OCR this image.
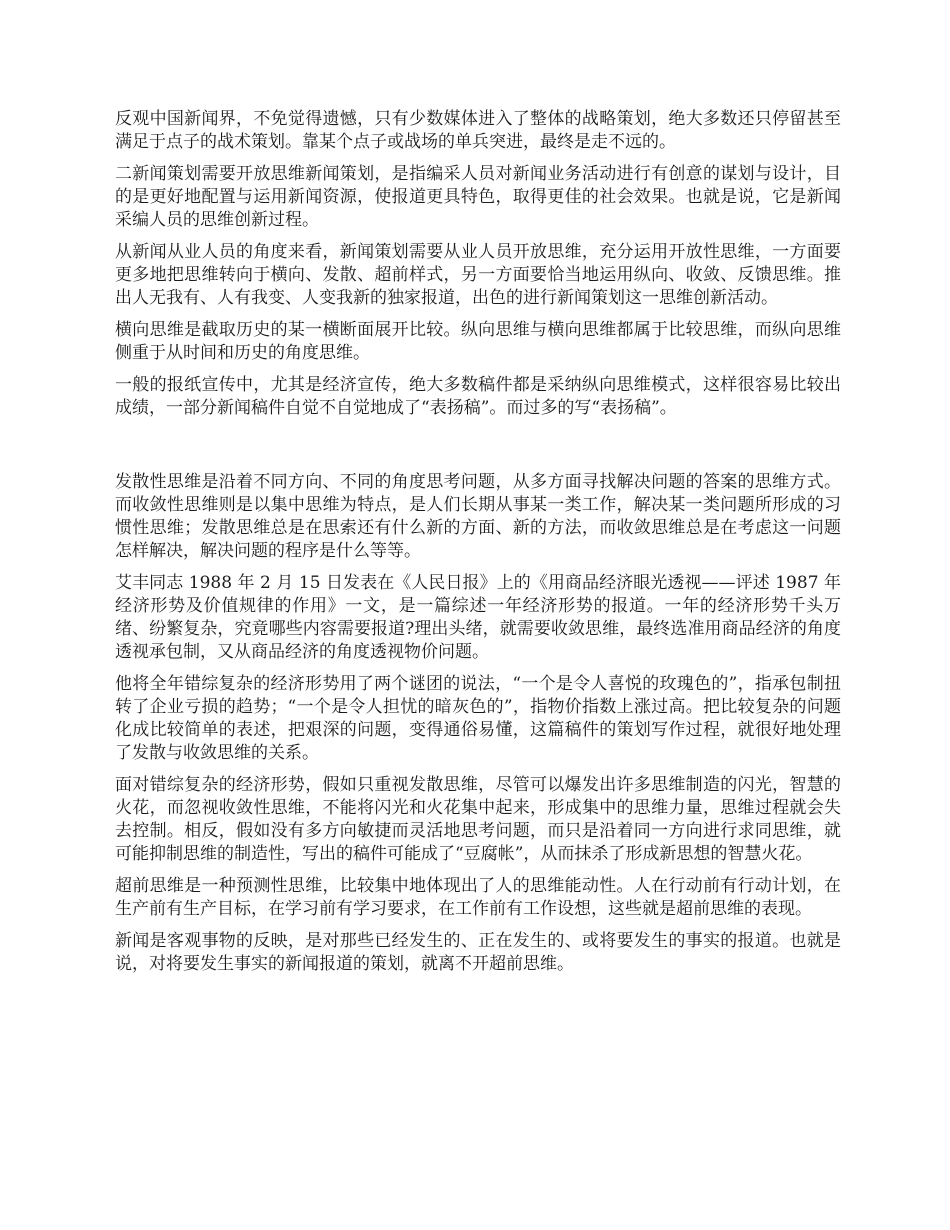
反观中国新闻界，不免觉得遗憾，只有少数媒体进入了整体的战略策划，绝大多数还只停留甚至满足于点子的战术策划。靠某个点子或战场的单兵突进，最终是走不远的。

二新闻策划需要开放思维新闻策划，是指编采人员对新闻业务活动进行有创意的谋划与设计，目的是更好地配置与运用新闻资源，使报道更具特色，取得更佳的社会效果。也就是说，它是新闻采编人员的思维创新过程。

从新闻从业人员的角度来看，新闻策划需要从业人员开放思维，充分运用开放性思维，一方面要更多地把思维转向于横向、发散、超前样式，另一方面要恰当地运用纵向、收敛、反馈思维。推出人无我有、人有我变、人变我新的独家报道，出色的进行新闻策划这一思维创新活动。

横向思维是截取历史的某一横断面展开比较。纵向思维与横向思维都属于比较思维，而纵向思维侧重于从时间和历史的角度思维。

一般的报纸宣传中，尤其是经济宣传，绝大多数稿件都是采纳纵向思维模式，这样很容易比较出成绩，一部分新闻稿件自觉不自觉地成了“表扬稿”。而过多的写“表扬稿”。

发散性思维是沿着不同方向、不同的角度思考问题，从多方面寻找解决问题的答案的思维方式。而收敛性思维则是以集中思维为特点，是人们长期从事某一类工作，解决某一类问题所形成的习惯性思维；发散思维总是在思索还有什么新的方面、新的方法，而收敛思维总是在考虑这一问题怎样解决，解决问题的程序是什么等等。

艾丰同志 1988 年 2 月 15 日发表在《人民日报》上的《用商品经济眼光透视——评述 1987 年经济形势及价值规律的作用》一文，是一篇综述一年经济形势的报道。一年的经济形势千头万绪、纷繁复杂，究竟哪些内容需要报道?理出头绪，就需要收敛思维，最终选准用商品经济的角度透视承包制，又从商品经济的角度透视物价问题。

他将全年错综复杂的经济形势用了两个谜团的说法，“一个是令人喜悦的玫瑰色的”，指承包制扭转了企业亏损的趋势；“一个是令人担忧的暗灰色的”，指物价指数上涨过高。把比较复杂的问题化成比较简单的表述，把艰深的问题，变得通俗易懂，这篇稿件的策划写作过程，就很好地处理了发散与收敛思维的关系。

面对错综复杂的经济形势，假如只重视发散思维，尽管可以爆发出许多思维制造的闪光，智慧的火花，而忽视收敛性思维，不能将闪光和火花集中起来，形成集中的思维力量，思维过程就会失去控制。相反，假如没有多方向敏捷而灵活地思考问题，而只是沿着同一方向进行求同思维，就可能抑制思维的制造性，写出的稿件可能成了“豆腐帐”，从而抹杀了形成新思想的智慧火花。

超前思维是一种预测性思维，比较集中地体现出了人的思维能动性。人在行动前有行动计划，在生产前有生产目标，在学习前有学习要求，在工作前有工作设想，这些就是超前思维的表现。

新闻是客观事物的反映，是对那些已经发生的、正在发生的、或将要发生的事实的报道。也就是说，对将要发生事实的新闻报道的策划，就离不开超前思维。
